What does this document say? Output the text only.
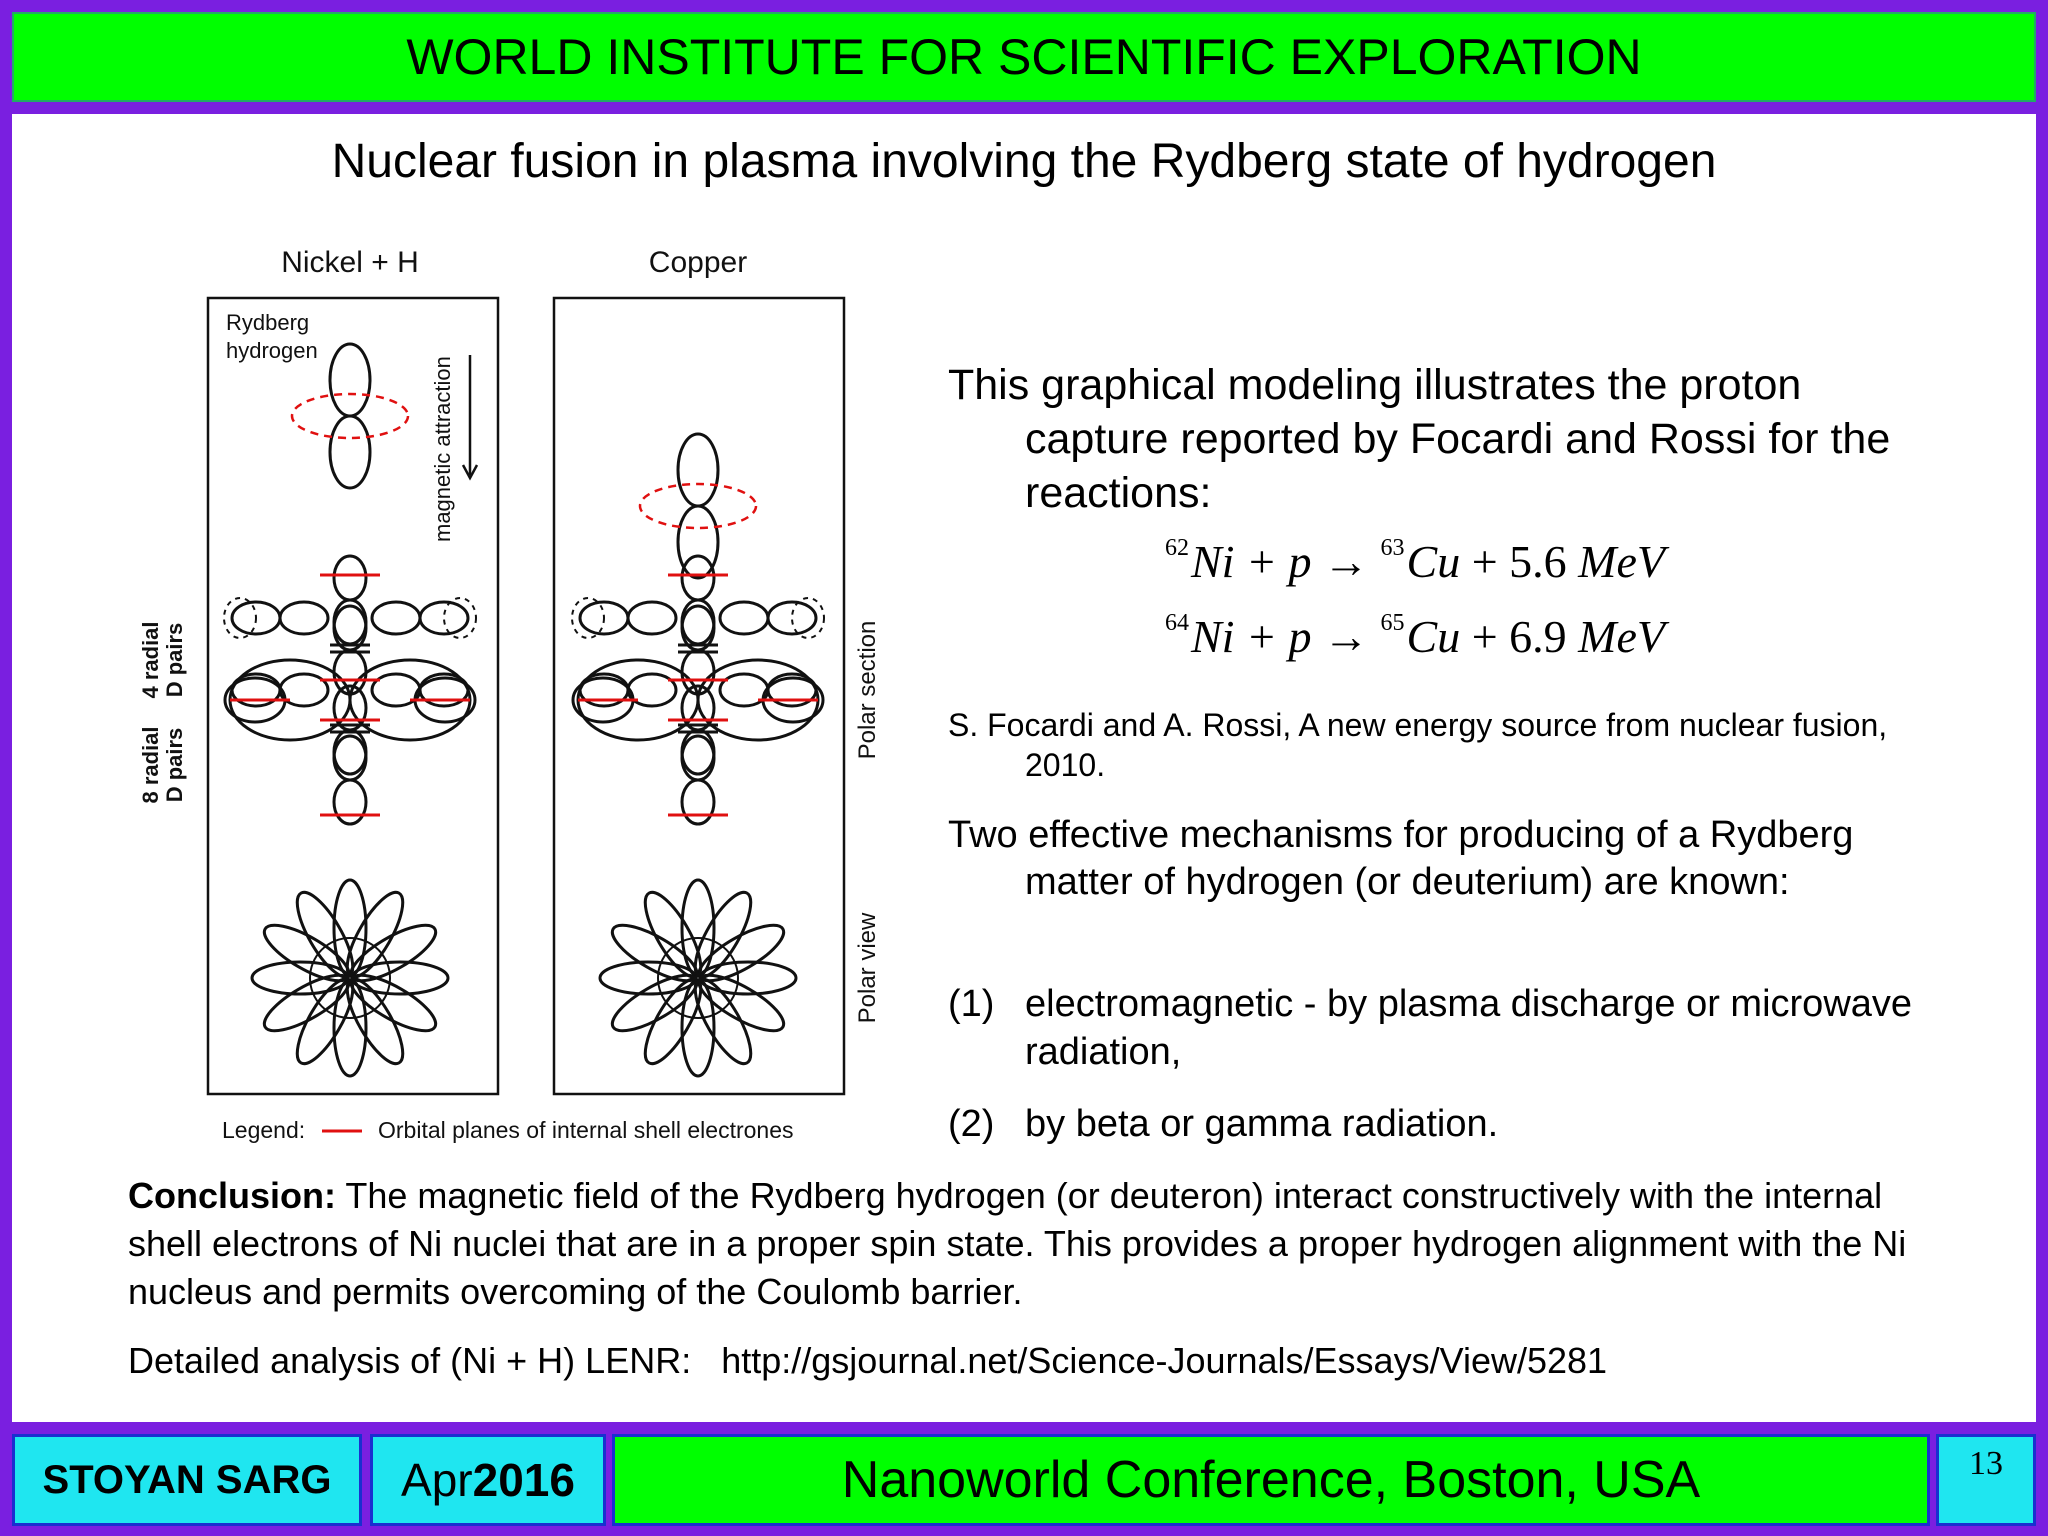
WORLD INSTITUTE FOR SCIENTIFIC EXPLORATION
Nuclear fusion in plasma involving the Rydberg state of hydrogen
Nickel + H	Copper
Rydberg
hydrogen
magnetic attraction
4 radial D pairs
8 radial D pairs
Polar section
Polar view
Legend:	Orbital planes of internal shell electrones

This graphical modeling illustrates the proton capture reported by Focardi and Rossi for the reactions:

$^{62}$Ni + p → $^{63}$Cu + 5.6 MeV
$^{64}$Ni + p → $^{65}$Cu + 6.9 MeV

S. Focardi and A. Rossi, A new energy source from nuclear fusion, 2010.

Two effective mechanisms for producing of a Rydberg matter of hydrogen (or deuterium) are known:

(1) electromagnetic - by plasma discharge or microwave radiation,
(2) by beta or gamma radiation.
Conclusion: The magnetic field of the Rydberg hydrogen (or deuteron) interact constructively with the internal shell electrons of Ni nuclei that are in a proper spin state. This provides a proper hydrogen alignment with the Ni nucleus and permits overcoming of the Coulomb barrier.
Detailed analysis of (Ni + H) LENR: http://gsjournal.net/Science-Journals/Essays/View/5281
STOYAN SARG Apr 2016	Nanoworld Conference, Boston, USA	13
